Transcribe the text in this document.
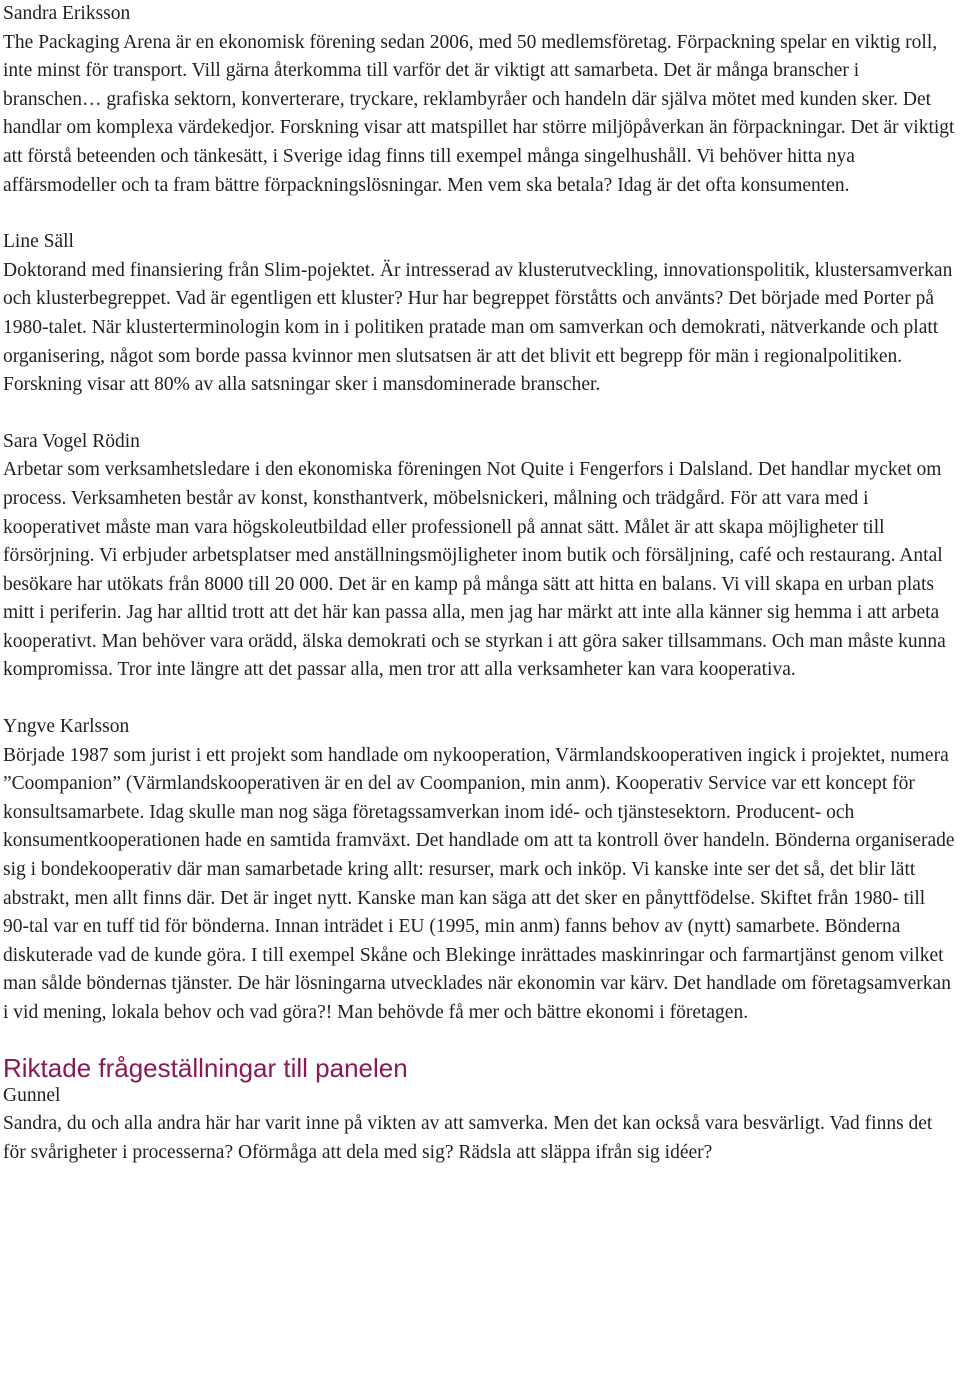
Sandra Eriksson

The Packaging Arena är en ekonomisk förening sedan 2006, med 50 medlemsföretag. Förpackning spelar en viktig roll, inte minst för transport. Vill gärna återkomma till varför det är viktigt att samarbeta. Det är många branscher i branschen… grafiska sektorn, konverterare, tryckare, reklambyråer och handeln där själva mötet med kunden sker. Det handlar om komplexa värdekedjor. Forskning visar att matspillet har större miljöpåverkan än förpackningar. Det är viktigt att förstå beteenden och tänkesätt, i Sverige idag finns till exempel många singelhushåll. Vi behöver hitta nya affärsmodeller och ta fram bättre förpackningslösningar. Men vem ska betala? Idag är det ofta konsumenten.

Line Säll

Doktorand med finansiering från Slim-pojektet. Är intresserad av klusterutveckling, innovationspolitik, klustersamverkan och klusterbegreppet. Vad är egentligen ett kluster? Hur har begreppet förståtts och använts? Det började med Porter på 1980-talet. När klusterterminologin kom in i politiken pratade man om samverkan och demokrati, nätverkande och platt organisering, något som borde passa kvinnor men slutsatsen är att det blivit ett begrepp för män i regionalpolitiken. Forskning visar att 80% av alla satsningar sker i mansdominerade branscher.

Sara Vogel Rödin

Arbetar som verksamhetsledare i den ekonomiska föreningen Not Quite i Fengerfors i Dalsland. Det handlar mycket om process. Verksamheten består av konst, konsthantverk, möbelsnickeri, målning och trädgård. För att vara med i kooperativet måste man vara högskoleutbildad eller professionell på annat sätt. Målet är att skapa möjligheter till försörjning. Vi erbjuder arbetsplatser med anställningsmöjligheter inom butik och försäljning, café och restaurang. Antal besökare har utökats från 8000 till 20 000. Det är en kamp på många sätt att hitta en balans. Vi vill skapa en urban plats mitt i periferin. Jag har alltid trott att det här kan passa alla, men jag har märkt att inte alla känner sig hemma i att arbeta kooperativt. Man behöver vara orädd, älska demokrati och se styrkan i att göra saker tillsammans. Och man måste kunna kompromissa. Tror inte längre att det passar alla, men tror att alla verksamheter kan vara kooperativa.

Yngve Karlsson

Började 1987 som jurist i ett projekt som handlade om nykooperation, Värmlandskooperativen ingick i projektet, numera ”Coompanion” (Värmlandskooperativen är en del av Coompanion, min anm). Kooperativ Service var ett koncept för konsultsamarbete. Idag skulle man nog säga företagssamverkan inom idé- och tjänstesektorn. Producent- och konsumentkooperationen hade en samtida framväxt. Det handlade om att ta kontroll över handeln. Bönderna organiserade sig i bondekooperativ där man samarbetade kring allt: resurser, mark och inköp. Vi kanske inte ser det så, det blir lätt abstrakt, men allt finns där. Det är inget nytt. Kanske man kan säga att det sker en pånyttfödelse. Skiftet från 1980- till 90-tal var en tuff tid för bönderna. Innan inträdet i EU (1995, min anm) fanns behov av (nytt) samarbete. Bönderna diskuterade vad de kunde göra. I till exempel Skåne och Blekinge inrättades maskinringar och farmartjänst genom vilket man sålde böndernas tjänster. De här lösningarna utvecklades när ekonomin var kärv. Det handlade om företagsamverkan i vid mening, lokala behov och vad göra?! Man behövde få mer och bättre ekonomi i företagen.

Riktade frågeställningar till panelen

Gunnel

Sandra, du och alla andra här har varit inne på vikten av att samverka. Men det kan också vara besvärligt. Vad finns det för svårigheter i processerna? Oförmåga att dela med sig? Rädsla att släppa ifrån sig idéer?
